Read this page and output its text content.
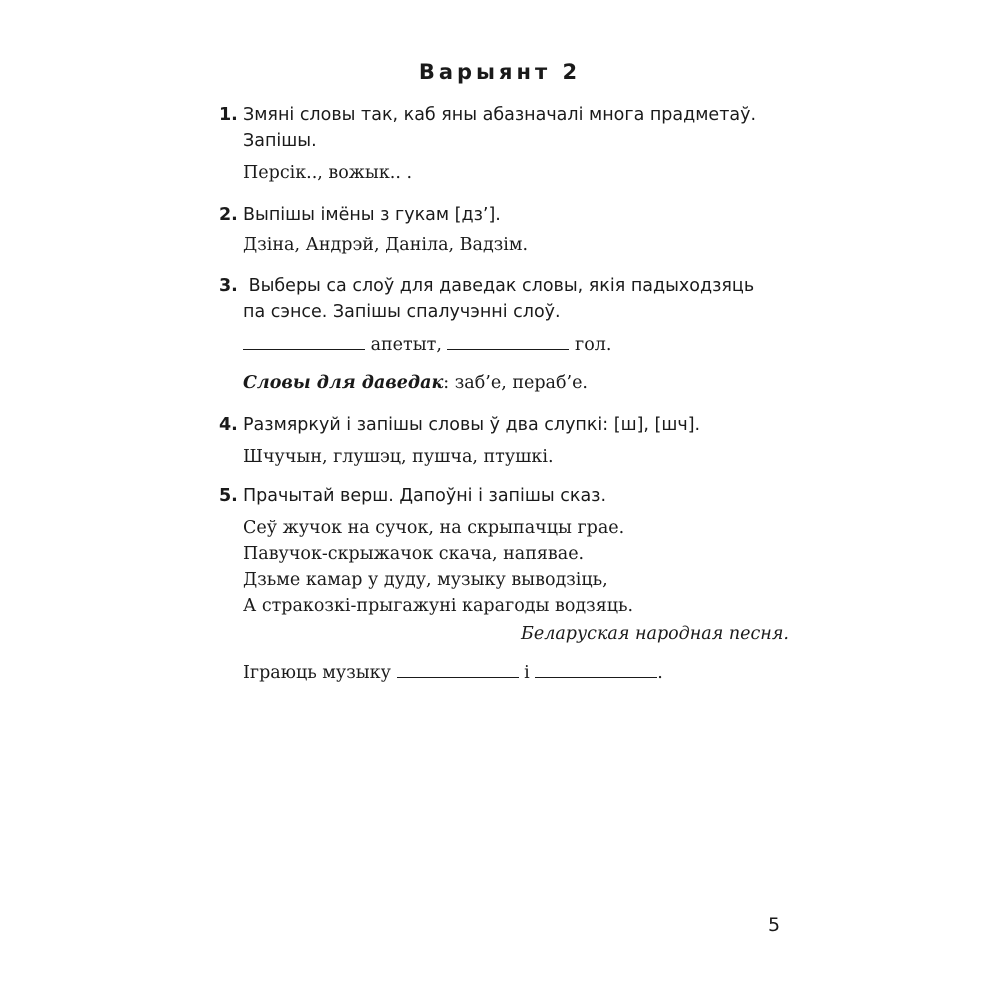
Варыянт 2
1. Змяні словы так, каб яны абазначалі многа прадметаў.
Запішы.
Персік.., вожык.. .
2. Выпішы імёны з гукам [дз’].
Дзіна, Андрэй, Даніла, Вадзім.
3. Выберы са слоў для даведак словы, якія падыходзяць
па сэнсе. Запішы спалучэнні слоў.
апетыт,	гол.
Словы для даведак: заб’е, пераб’е.
4. Размяркуй і запішы словы ў два слупкі: [ш], [шч].
Шчучын, глушэц, пушча, птушкі.
5. Прачытай верш. Дапоўні і запішы сказ.
Сеў жучок на сучок, на скрыпачцы грае.
Павучок-скрыжачок скача, напявае.
Дзьме камар у дуду, музыку выводзіць,
А стракозкі-прыгажуні карагоды водзяць.
Беларуская народная песня.
Іграюць музыку	і	.
5
